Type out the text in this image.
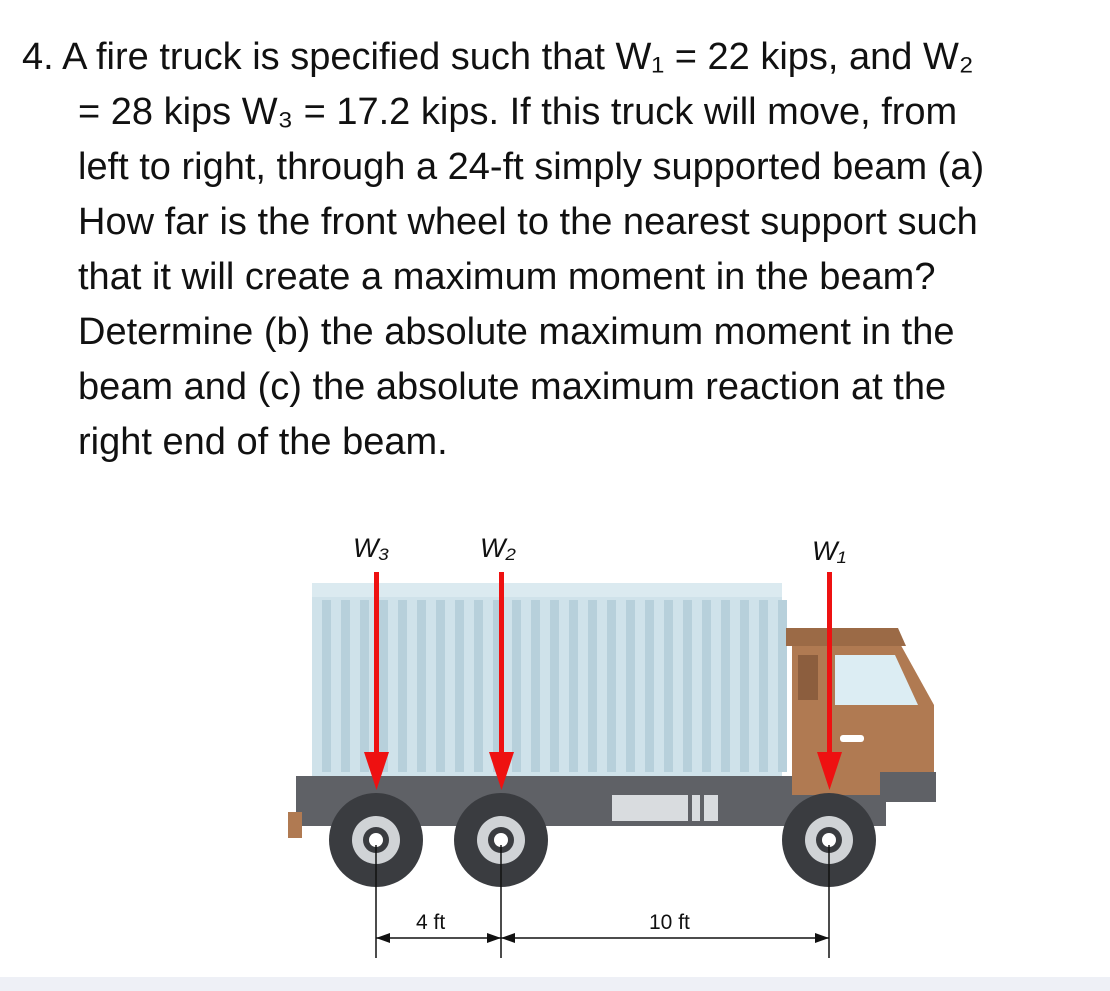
4. A fire truck is specified such that W₁ = 22 kips, and W₂
= 28 kips W₃ = 17.2 kips. If this truck will move, from
left to right, through a 24-ft simply supported beam (a)
How far is the front wheel to the nearest support such
that it will create a maximum moment in the beam?
Determine (b) the absolute maximum moment in the
beam and (c) the absolute maximum reaction at the
right end of the beam.
W₃	W₂	W₁
4 ft	10 ft
